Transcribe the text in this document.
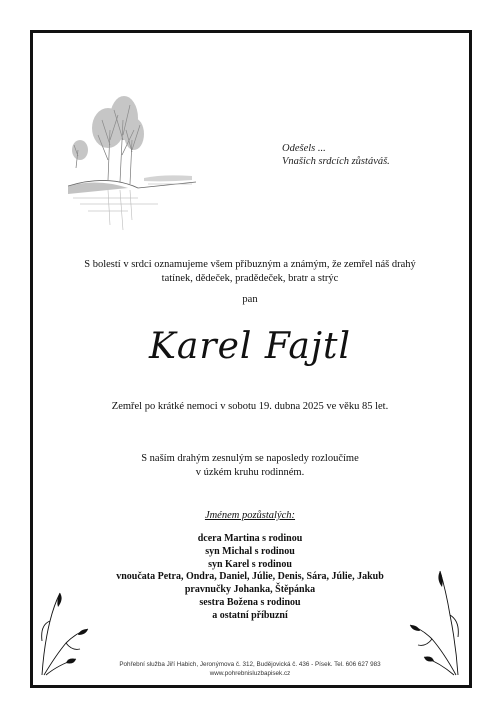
Odešels ...
Vnašich srdcích zůstáváš.
S bolestí v srdci oznamujeme všem příbuzným a známým, že zemřel náš drahý
tatínek, dědeček, pradědeček, bratr a strýc
pan
Karel Fajtl
Zemřel po krátké nemoci v sobotu 19. dubna 2025 ve věku 85 let.
S naším drahým zesnulým se naposledy rozloučíme
v úzkém kruhu rodinném.
Jménem pozůstalých:
dcera Martina s rodinou
syn Michal s rodinou
syn Karel s rodinou
vnoučata Petra, Ondra, Daniel, Júlie, Denis, Sára, Júlie, Jakub
pravnučky Johanka, Štěpánka
sestra Božena s rodinou
a ostatní příbuzní
Pohřební služba Jiří Habich, Jeronýmova č. 312, Budějovická č. 436 - Písek. Tel. 606 627 983
www.pohrebnisluzbapisek.cz
